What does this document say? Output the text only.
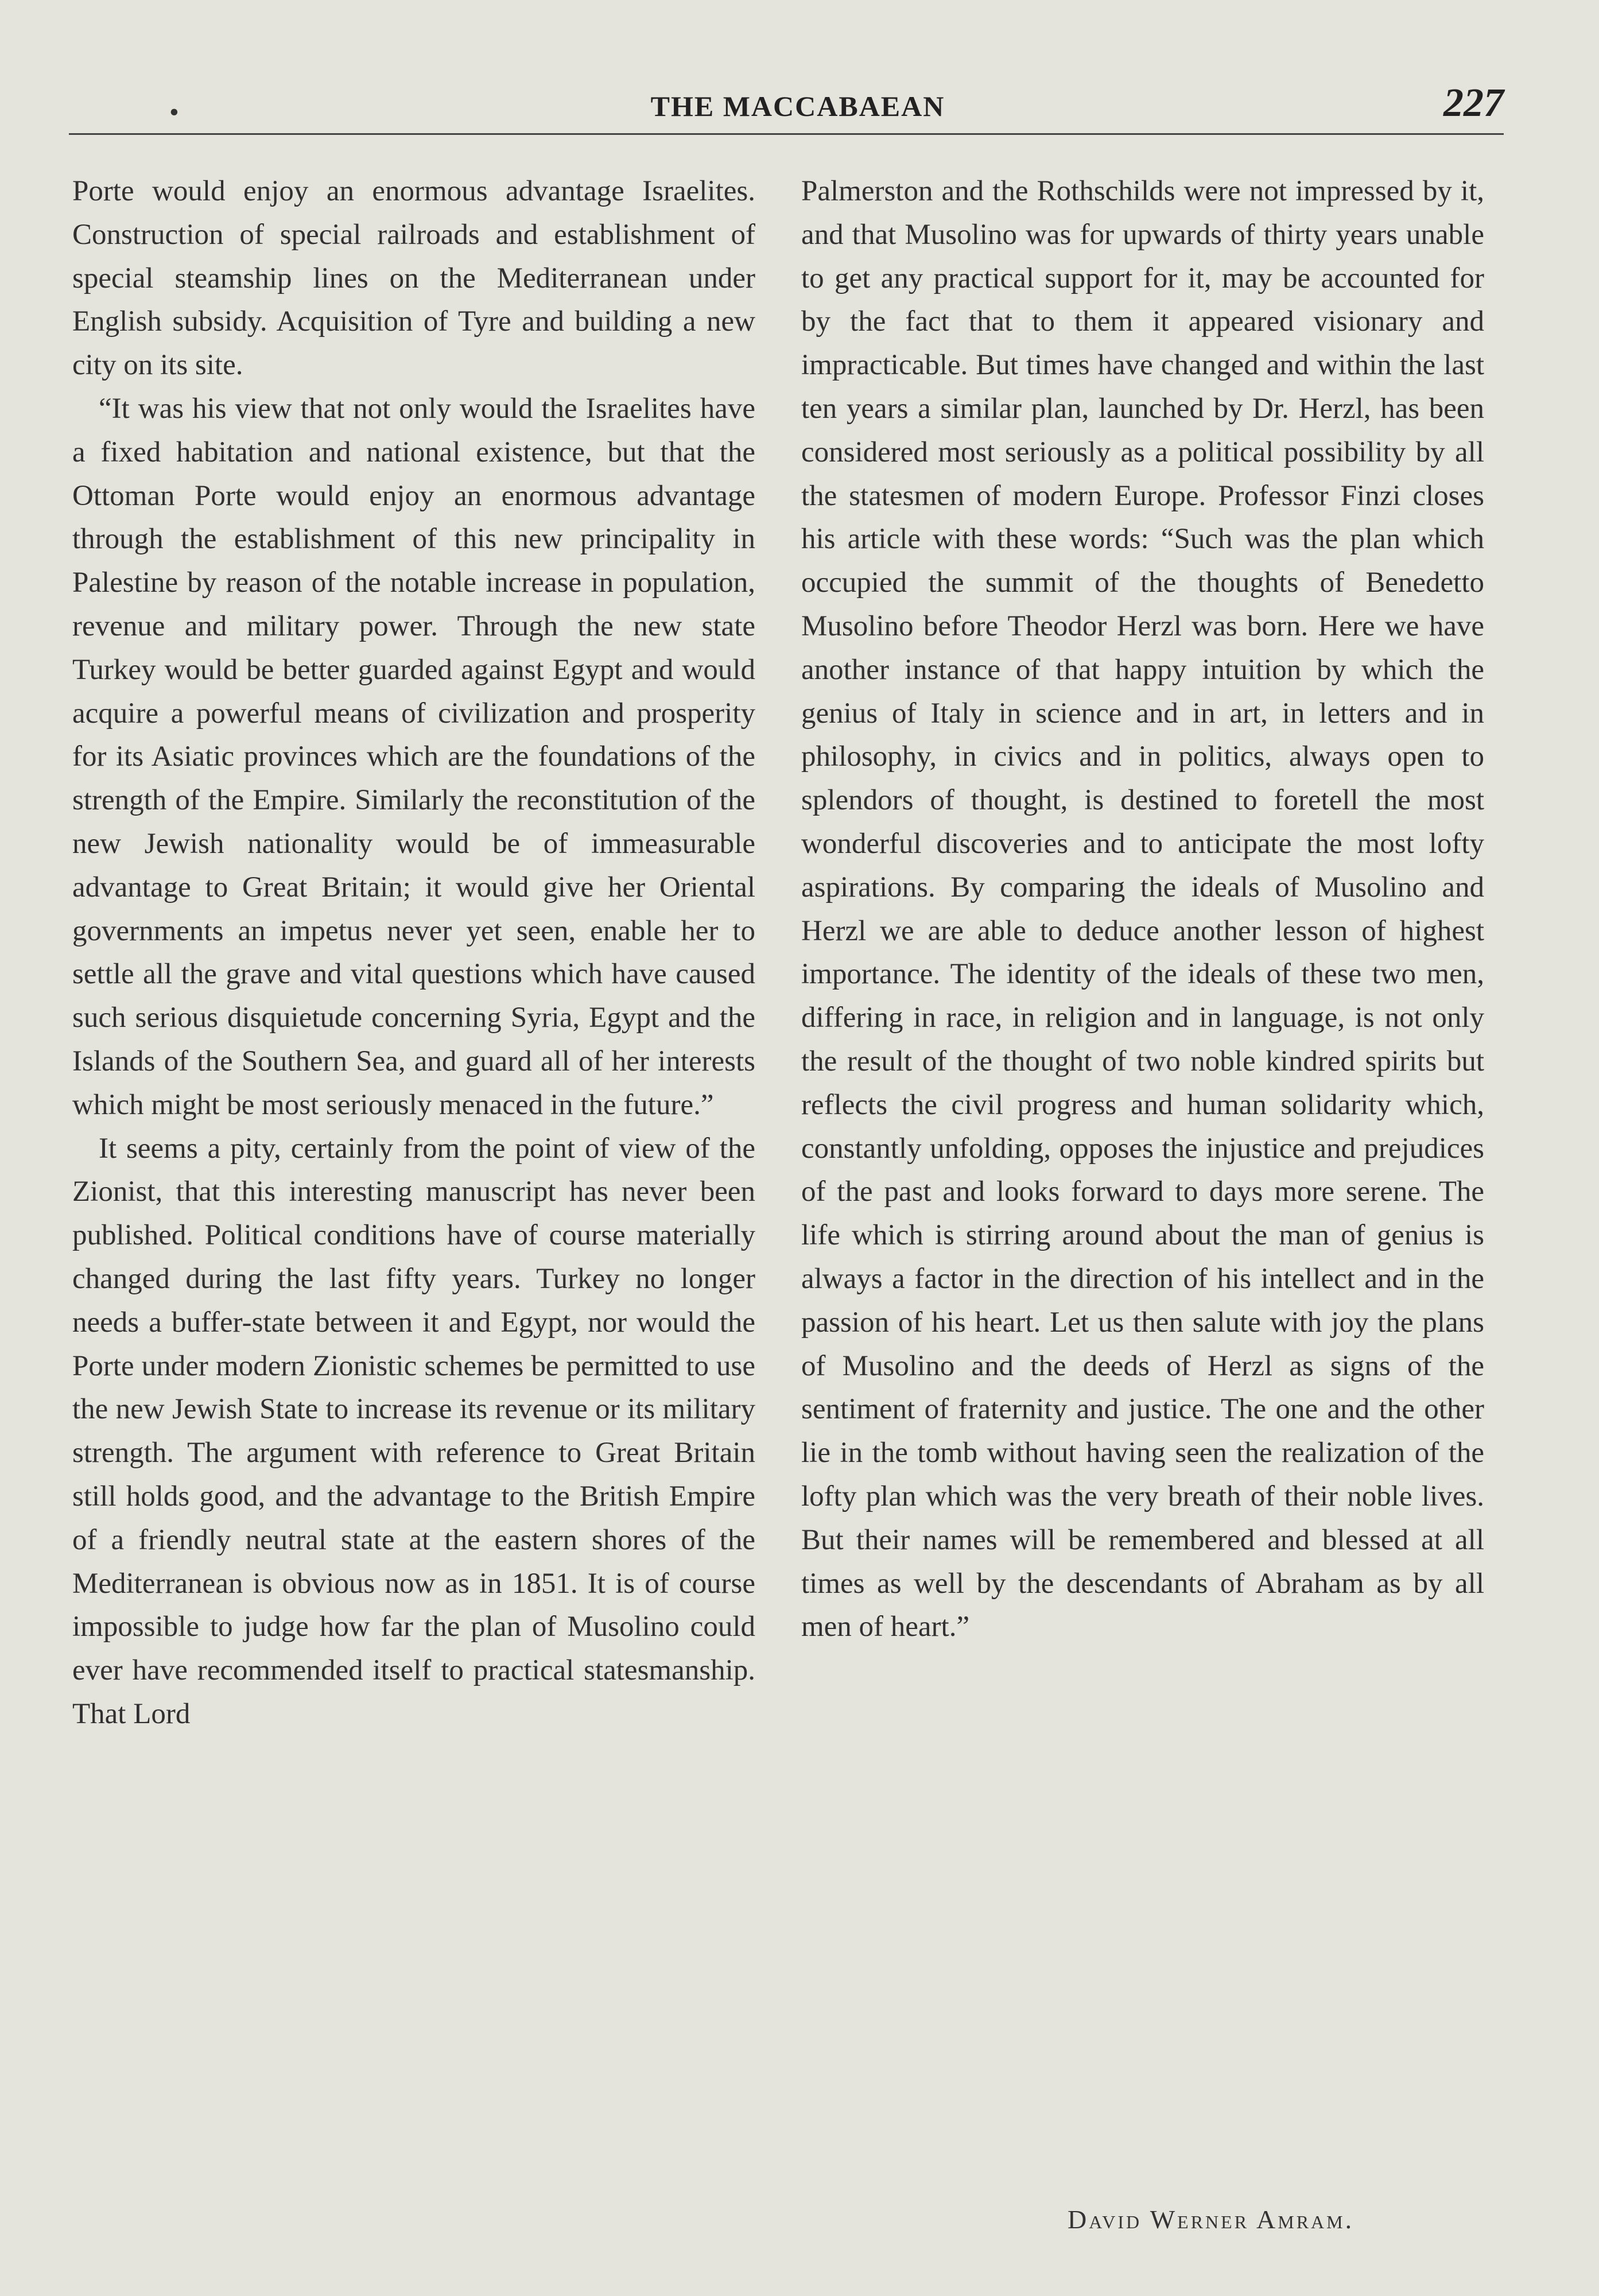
•	THE MACCABAEAN	227

Porte would enjoy an enormous advantage Israelites. Construction of special railroads and establishment of special steamship lines on the Mediterranean under English subsidy. Acquisition of Tyre and building a new city on its site.

“It was his view that not only would the Israelites have a fixed habitation and national existence, but that the Ottoman Porte would enjoy an enormous advantage through the establishment of this new principality in Palestine by reason of the notable increase in population, revenue and military power. Through the new state Turkey would be better guarded against Egypt and would acquire a powerful means of civilization and prosperity for its Asiatic provinces which are the foundations of the strength of the Empire. Similarly the reconstitution of the new Jewish nationality would be of immeasurable advantage to Great Britain; it would give her Oriental governments an impetus never yet seen, enable her to settle all the grave and vital questions which have caused such serious disquietude concerning Syria, Egypt and the Islands of the Southern Sea, and guard all of her interests which might be most seriously menaced in the future.”

It seems a pity, certainly from the point of view of the Zionist, that this interesting manuscript has never been published. Political conditions have of course materially changed during the last fifty years. Turkey no longer needs a buffer-state between it and Egypt, nor would the Porte under modern Zionistic schemes be permitted to use the new Jewish State to increase its revenue or its military strength. The argument with reference to Great Britain still holds good, and the advantage to the British Empire of a friendly neutral state at the eastern shores of the Mediterranean is obvious now as in 1851. It is of course impossible to judge how far the plan of Musolino could ever have recommended itself to practical statesmanship. That Lord

Palmerston and the Rothschilds were not impressed by it, and that Musolino was for upwards of thirty years unable to get any practical support for it, may be accounted for by the fact that to them it appeared visionary and impracticable. But times have changed and within the last ten years a similar plan, launched by Dr. Herzl, has been considered most seriously as a political possibility by all the statesmen of modern Europe. Professor Finzi closes his article with these words: “Such was the plan which occupied the summit of the thoughts of Benedetto Musolino before Theodor Herzl was born. Here we have another instance of that happy intuition by which the genius of Italy in science and in art, in letters and in philosophy, in civics and in politics, always open to splendors of thought, is destined to foretell the most wonderful discoveries and to anticipate the most lofty aspirations. By comparing the ideals of Musolino and Herzl we are able to deduce another lesson of highest importance. The identity of the ideals of these two men, differing in race, in religion and in language, is not only the result of the thought of two noble kindred spirits but reflects the civil progress and human solidarity which, constantly unfolding, opposes the injustice and prejudices of the past and looks forward to days more serene. The life which is stirring around about the man of genius is always a factor in the direction of his intellect and in the passion of his heart. Let us then salute with joy the plans of Musolino and the deeds of Herzl as signs of the sentiment of fraternity and justice. The one and the other lie in the tomb without having seen the realization of the lofty plan which was the very breath of their noble lives. But their names will be remembered and blessed at all times as well by the descendants of Abraham as by all men of heart.”

David Werner Amram.
